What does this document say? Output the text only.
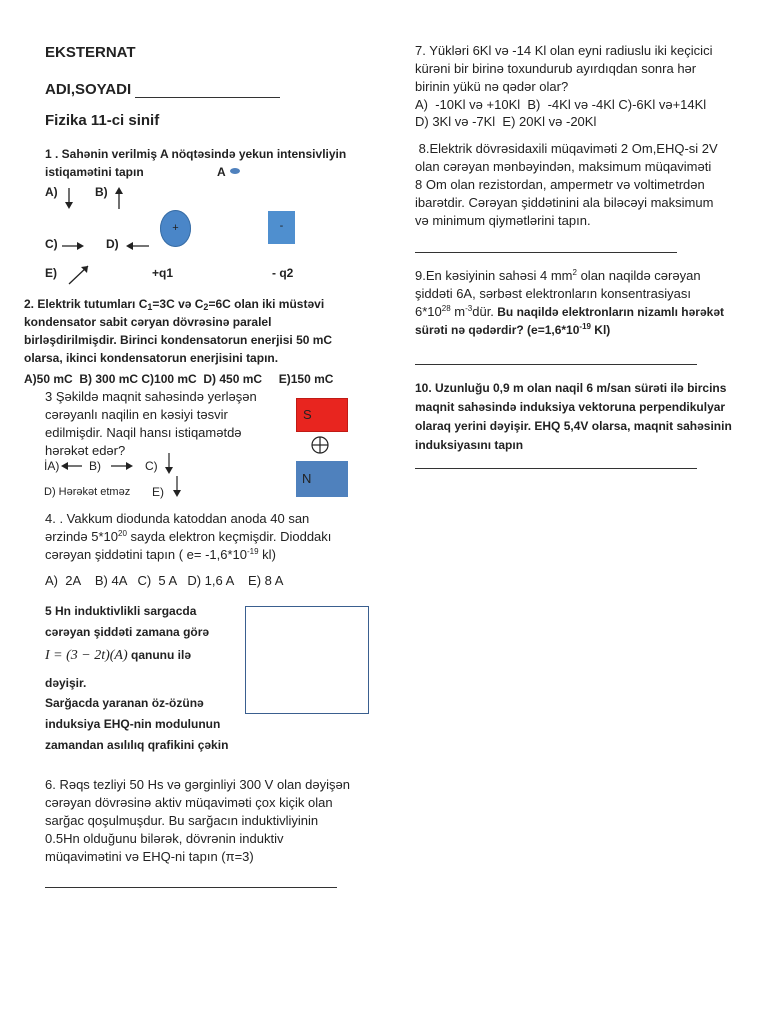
EKSTERNAT
ADI,SOYADI
Fizika 11-ci sinif
1 . Sahənin verilmiş A nöqtəsində yekun intensivliyin
istiqamətini tapın	A
A)	B)
+	-
C)	D)
E)	+q1	- q2
2. Elektrik tutumları $C_1=3C$ və $C_2=6C$ olan iki müstəvi
kondensator sabit cəryan dövrəsinə paralel
birləşdirilmişdir. Birinci kondensatorun enerjisi 50 mC
olarsa, ikinci kondensatorun enerjisini tapın.
A)50 mC  B) 300 mC C)100 mC  D) 450 mC     E)150 mC
3 Şəkildə maqnit sahəsində yerləşən
cərəyanlı naqilin en kəsiyi təsvir
edilmişdir. Naqil hansı istiqamətdə
hərəkət edər?
S
N
İA) B)	C)
D) Hərəkət etməz E)
4. . Vakkum diodunda katoddan anoda 40 san
ərzində $5*10^{20}$ sayda elektron keçmişdir. Dioddakı
cərəyan şiddətini tapın ( $e= -1,6*10^{-19}$ kl)
A)  2A    B) 4A   C)  5 A   D) 1,6 A    E) 8 A
5 Hn induktivlikli sargacda
cərəyan şiddəti zamana görə
I = (3 − 2t)(A) qanunu ilə
dəyişir.
Sarğacda yaranan öz-özünə
induksiya EHQ-nin modulunun
zamandan asılılıq qrafikini çəkin
6. Rəqs tezliyi 50 Hs və gərginliyi 300 V olan dəyişən
cərəyan dövrəsinə aktiv müqaviməti çox kiçik olan
sarğac qoşulmuşdur. Bu sarğacın induktivliyinin
0.5Hn olduğunu bilərək, dövrənin induktiv
müqavimətini və EHQ-ni tapın (π=3)
7. Yükləri 6Kl və -14 Kl olan eyni radiuslu iki keçicici
kürəni bir birinə toxundurub ayırdıqdan sonra hər
birinin yükü nə qədər olar?
A)  -10Kl və +10Kl  B)  -4Kl və -4Kl C)-6Kl və+14Kl
D) 3Kl və -7Kl  E) 20Kl və -20Kl
8.Elektrik dövrəsidaxili müqaviməti 2 Om,EHQ-si 2V
olan cərəyan mənbəyindən, maksimum müqaviməti
8 Om olan rezistordan, ampermetr və voltimetrdən
ibarətdir. Cərəyan şiddətinini ala biləcəyi maksimum
və minimum qiymətlərini tapın.
9.En kəsiyinin sahəsi 4 $mm^2$ olan naqildə cərəyan
şiddəti 6A, sərbəst elektronların konsentrasiyası
$6*10^{28}$ $m^{-3}dür$. Bu naqildə elektronların nizamlı hərəkət
sürəti nə qədərdir? ($e=1,6*10^{-19}$ Kl)
10. Uzunluğu 0,9 m olan naqil 6 m/san sürəti ilə bircins
maqnit sahəsində induksiya vektoruna perpendikulyar
olaraq yerini dəyişir. EHQ 5,4V olarsa, maqnit sahəsinin
induksiyasını tapın
